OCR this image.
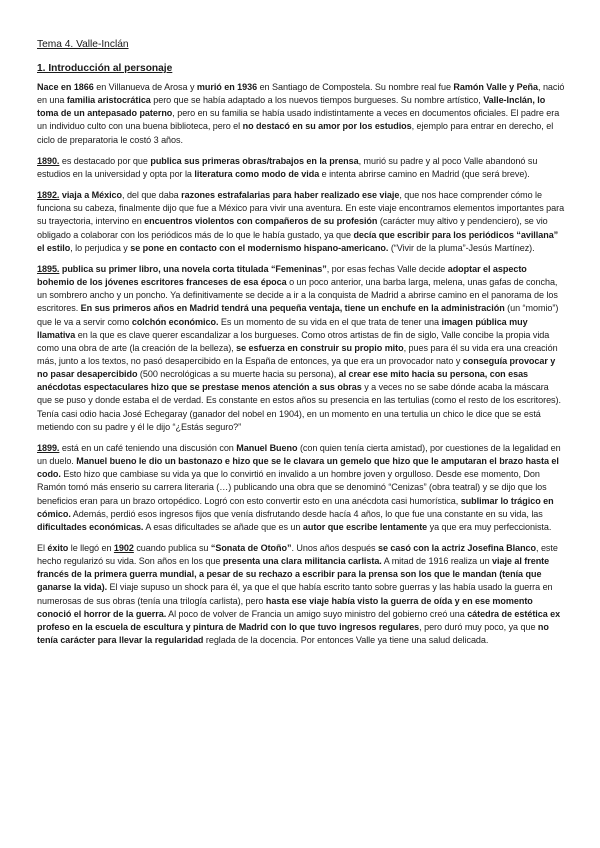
Tema 4. Valle-Inclán
1. Introducción al personaje
Nace en 1866 en Villanueva de Arosa y murió en 1936 en Santiago de Compostela. Su nombre real fue Ramón Valle y Peña, nació en una familia aristocrática pero que se había adaptado a los nuevos tiempos burgueses. Su nombre artístico, Valle-Inclán, lo toma de un antepasado paterno, pero en su familia se había usado indistintamente a veces en documentos oficiales. El padre era un individuo culto con una buena biblioteca, pero el no destacó en su amor por los estudios, ejemplo para entrar en derecho, el ciclo de preparatoria le costó 3 años.
1890. es destacado por que publica sus primeras obras/trabajos en la prensa, murió su padre y al poco Valle abandonó su estudios en la universidad y opta por la literatura como modo de vida e intenta abrirse camino en Madrid (que será breve).
1892. viaja a México, del que daba razones estrafalarias para haber realizado ese viaje, que nos hace comprender cómo le funciona su cabeza, finalmente dijo que fue a México para vivir una aventura. En este viaje encontramos elementos importantes para su trayectoria, intervino en encuentros violentos con compañeros de su profesión (carácter muy altivo y pendenciero), se vio obligado a colaborar con los periódicos más de lo que le había gustado, ya que decía que escribir para los periódicos “avillana” el estilo, lo perjudica y se pone en contacto con el modernismo hispano-americano. (“Vivir de la pluma”-Jesús Martínez).
1895. publica su primer libro, una novela corta titulada “Femeninas”, por esas fechas Valle decide adoptar el aspecto bohemio de los jóvenes escritores franceses de esa época o un poco anterior, una barba larga, melena, unas gafas de concha, un sombrero ancho y un poncho. Ya definitivamente se decide a ir a la conquista de Madrid a abrirse camino en el panorama de los escritores. En sus primeros años en Madrid tendrá una pequeña ventaja, tiene un enchufe en la administración (un “momio”) que le va a servir como colchón económico. Es un momento de su vida en el que trata de tener una imagen pública muy llamativa en la que es clave querer escandalizar a los burgueses. Como otros artistas de fin de siglo, Valle concibe la propia vida como una obra de arte (la creación de la belleza), se esfuerza en construir su propio mito, pues para él su vida era una creación más, junto a los textos, no pasó desapercibido en la España de entonces, ya que era un provocador nato y conseguía provocar y no pasar desapercibido (500 necrológicas a su muerte hacia su persona), al crear ese mito hacia su persona, con esas anécdotas espectaculares hizo que se prestase menos atención a sus obras y a veces no se sabe dónde acaba la máscara que se puso y donde estaba el de verdad. Es constante en estos años su presencia en las tertulias (como el resto de los escritores). Tenía casi odio hacia José Echegaray (ganador del nobel en 1904), en un momento en una tertulia un chico le dice que se está metiendo con su padre y él le dijo “¿Estás seguro?”
1899. está en un café teniendo una discusión con Manuel Bueno (con quien tenía cierta amistad), por cuestiones de la legalidad en un duelo. Manuel bueno le dio un bastonazo e hizo que se le clavara un gemelo que hizo que le amputaran el brazo hasta el codo. Esto hizo que cambiase su vida ya que lo convirtió en invalido a un hombre joven y orgulloso. Desde ese momento, Don Ramón tomó más enserio su carrera literaria (…) publicando una obra que se denominó “Cenizas” (obra teatral) y se dijo que los beneficios eran para un brazo ortopédico. Logró con esto convertir esto en una anécdota casi humorística, sublimar lo trágico en cómico. Además, perdió esos ingresos fijos que venía disfrutando desde hacía 4 años, lo que fue una constante en su vida, las dificultades económicas. A esas dificultades se añade que es un autor que escribe lentamente ya que era muy perfeccionista.
El éxito le llegó en 1902 cuando publica su “Sonata de Otoño”. Unos años después se casó con la actriz Josefina Blanco, este hecho regularizó su vida. Son años en los que presenta una clara militancia carlista. A mitad de 1916 realiza un viaje al frente francés de la primera guerra mundial, a pesar de su rechazo a escribir para la prensa son los que le mandan (tenía que ganarse la vida). El viaje supuso un shock para él, ya que el que había escrito tanto sobre guerras y las había usado la guerra en numerosas de sus obras (tenía una trilogía carlista), pero hasta ese viaje había visto la guerra de oída y en ese momento conoció el horror de la guerra. Al poco de volver de Francia un amigo suyo ministro del gobierno creó una cátedra de estética ex profeso en la escuela de escultura y pintura de Madrid con lo que tuvo ingresos regulares, pero duró muy poco, ya que no tenía carácter para llevar la regularidad reglada de la docencia. Por entonces Valle ya tiene una salud delicada.
